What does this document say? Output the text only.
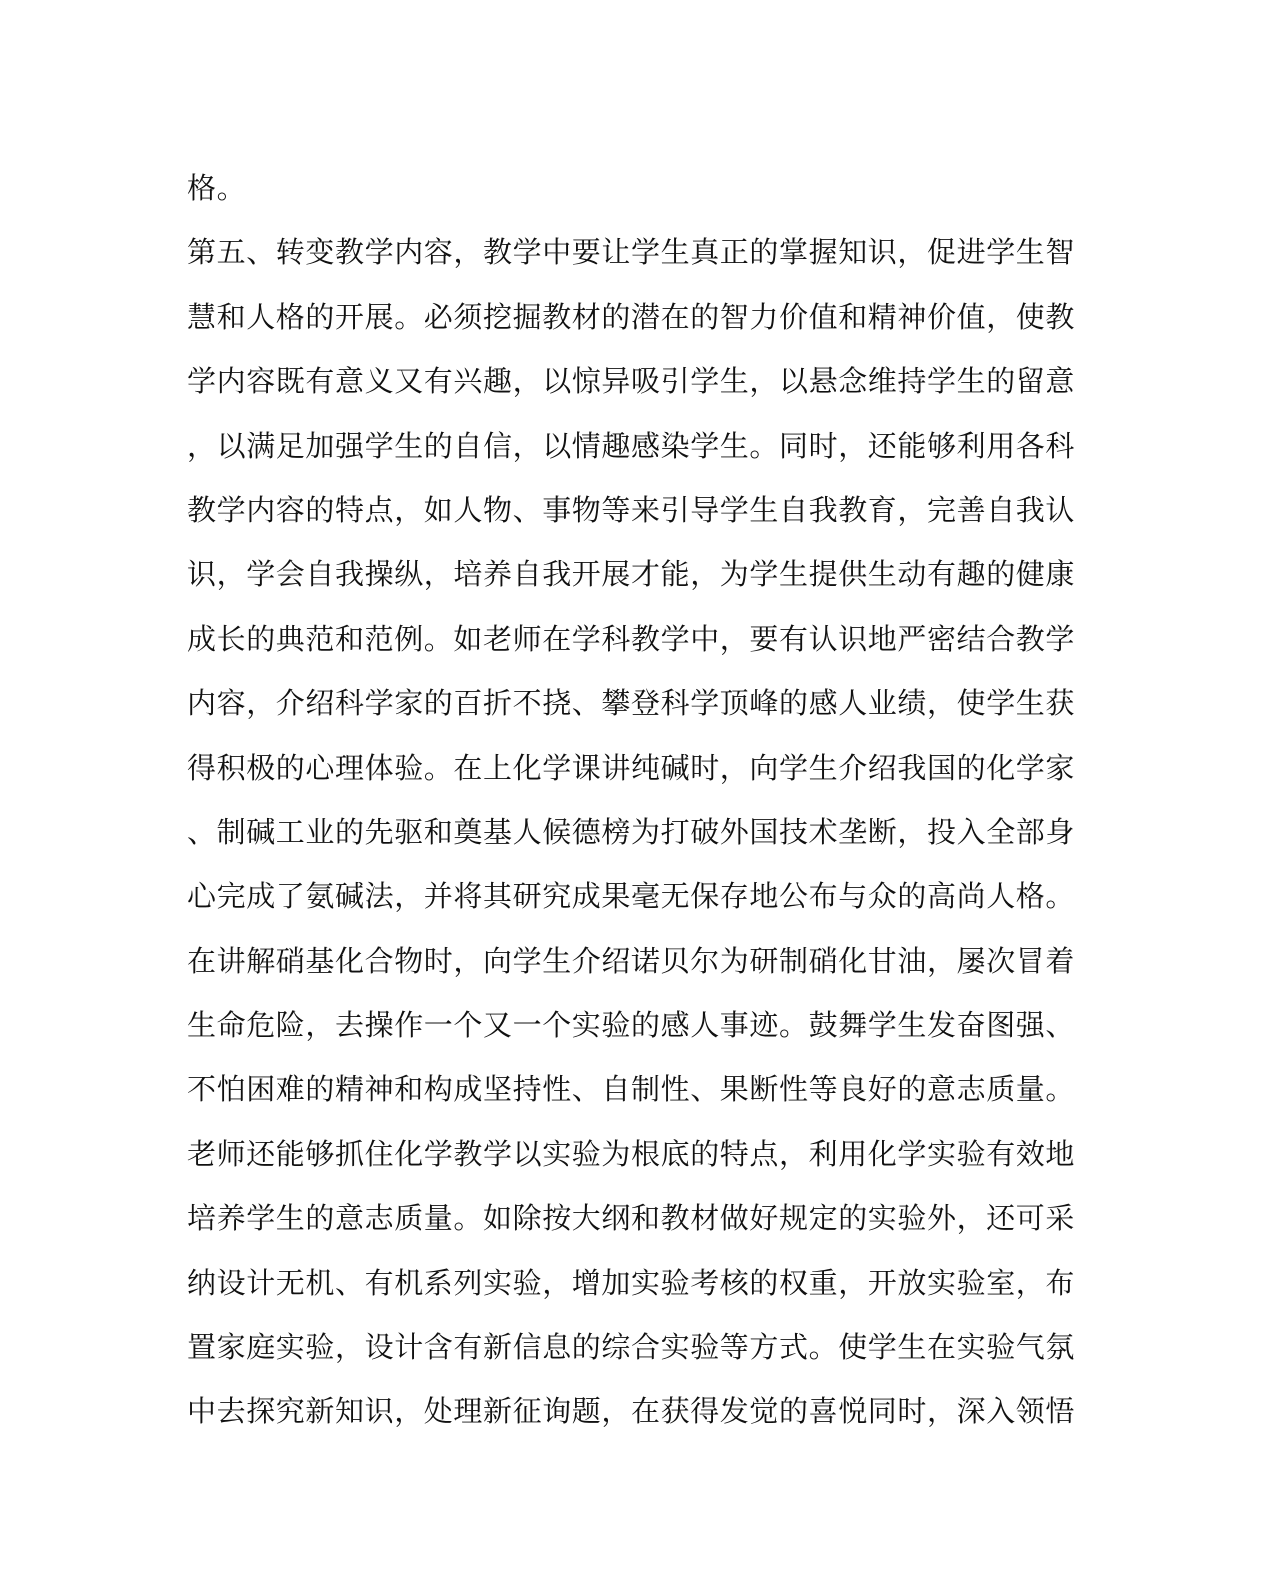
格。
第五、转变教学内容，教学中要让学生真正的掌握知识，促进学生智
慧和人格的开展。必须挖掘教材的潜在的智力价值和精神价值，使教
学内容既有意义又有兴趣，以惊异吸引学生，以悬念维持学生的留意
，以满足加强学生的自信，以情趣感染学生。同时，还能够利用各科
教学内容的特点，如人物、事物等来引导学生自我教育，完善自我认
识，学会自我操纵，培养自我开展才能，为学生提供生动有趣的健康
成长的典范和范例。如老师在学科教学中，要有认识地严密结合教学
内容，介绍科学家的百折不挠、攀登科学顶峰的感人业绩，使学生获
得积极的心理体验。在上化学课讲纯碱时，向学生介绍我国的化学家
、制碱工业的先驱和奠基人候德榜为打破外国技术垄断，投入全部身
心完成了氨碱法，并将其研究成果毫无保存地公布与众的高尚人格。
在讲解硝基化合物时，向学生介绍诺贝尔为研制硝化甘油，屡次冒着
生命危险，去操作一个又一个实验的感人事迹。鼓舞学生发奋图强、
不怕困难的精神和构成坚持性、自制性、果断性等良好的意志质量。
老师还能够抓住化学教学以实验为根底的特点，利用化学实验有效地
培养学生的意志质量。如除按大纲和教材做好规定的实验外，还可采
纳设计无机、有机系列实验，增加实验考核的权重，开放实验室，布
置家庭实验，设计含有新信息的综合实验等方式。使学生在实验气氛
中去探究新知识，处理新征询题，在获得发觉的喜悦同时，深入领悟
